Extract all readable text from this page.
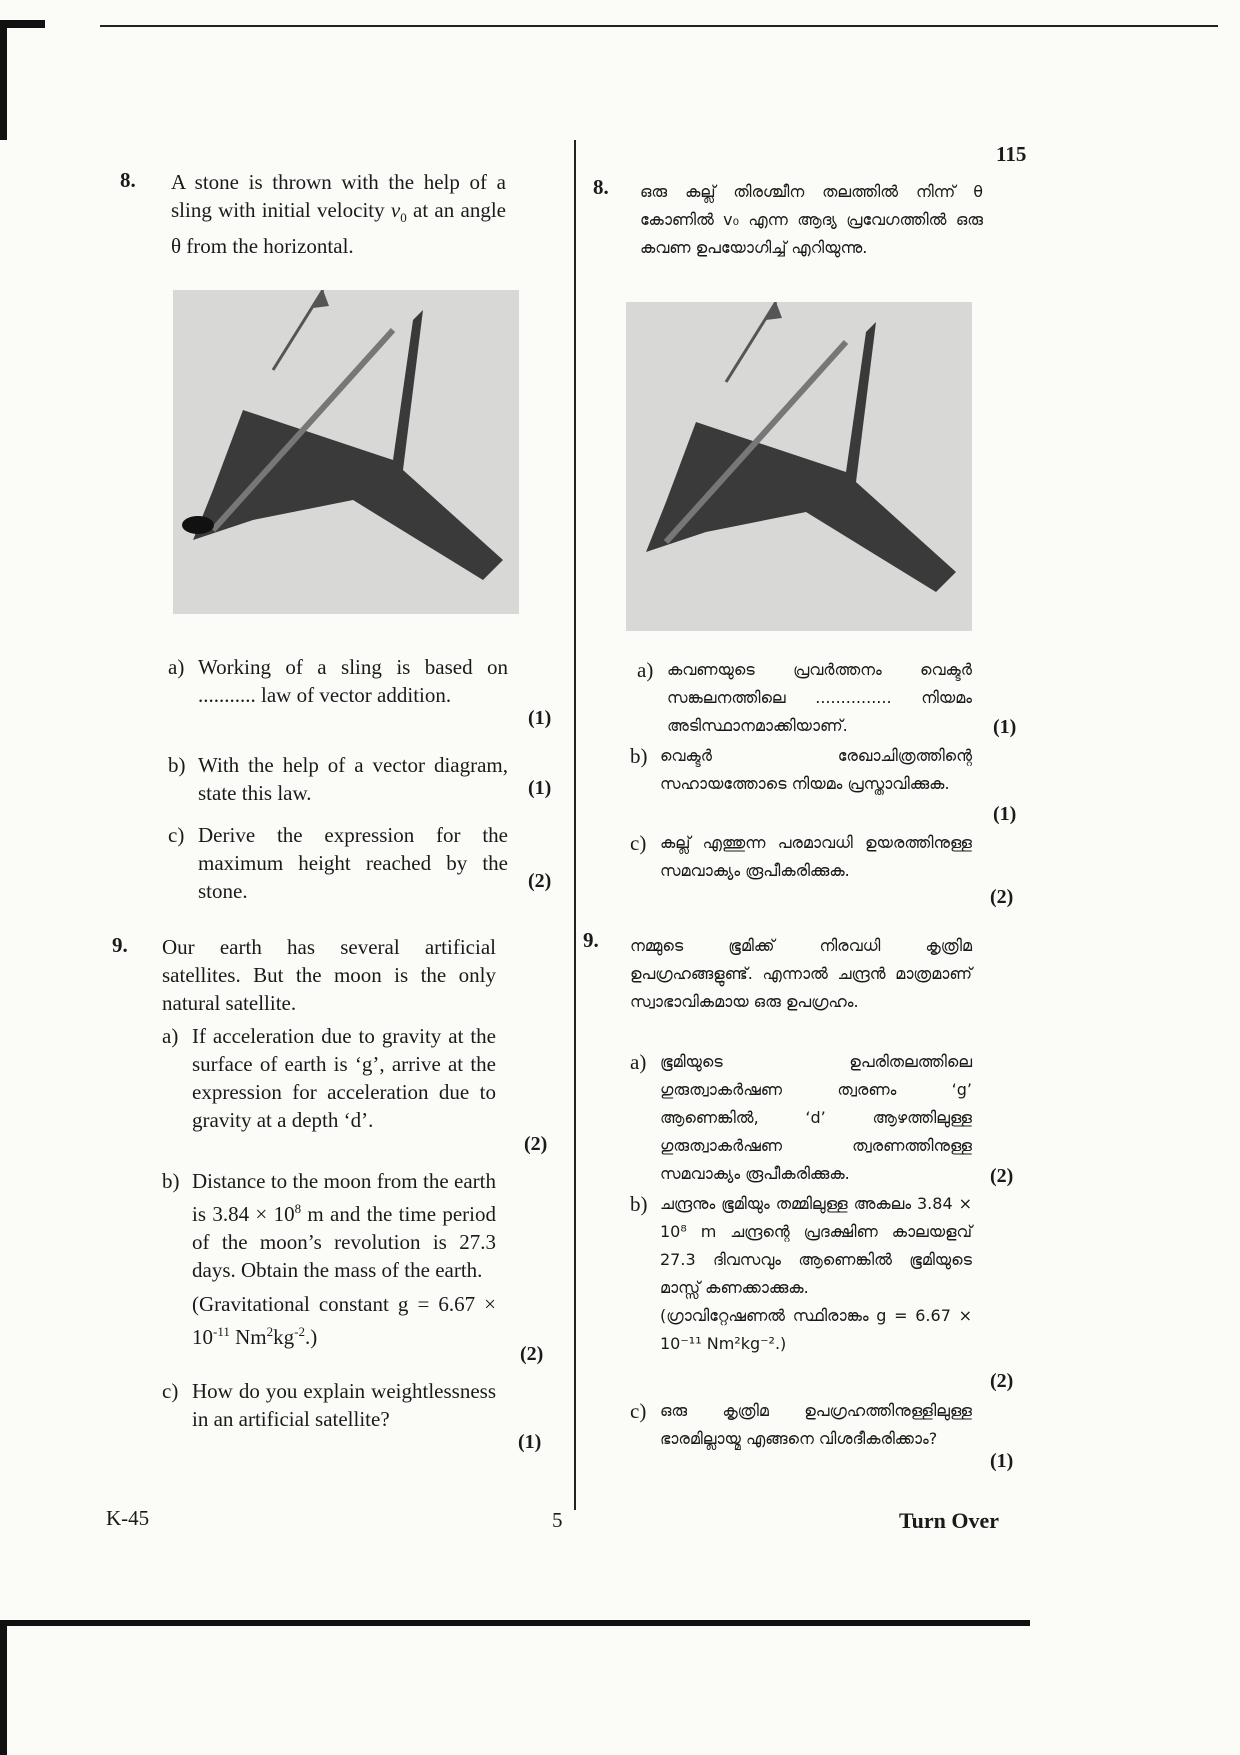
115
8. A stone is thrown with the help of a sling with initial velocity $v_0$ at an angle θ from the horizontal.
a) Working of a sling is based on ........... law of vector addition.
(1)
b) With the help of a vector diagram, state this law.	(1)
c) Derive the expression for the maximum height reached by the stone.	(2)
9. Our earth has several artificial satellites. But the moon is the only natural satellite.
a) If acceleration due to gravity at the surface of earth is ‘g’, arrive at the expression for acceleration due to gravity at a depth ‘d’.
(2)
b) Distance to the moon from the earth is $3.84 \times 10^8$ m and the time period of the moon’s revolution is 27.3 days. Obtain the mass of the earth.

(Gravitational constant $g = 6.67 \times 10^{-11}$ $Nm^2kg^{-2}$.)
(2)
c) How do you explain weightlessness in an artificial satellite?
(1)
8. ഒരു കല്ല് തിരശ്ചീന തലത്തിൽ നിന്ന് θ കോണിൽ v₀ എന്ന ആദ്യ പ്രവേഗത്തിൽ ഒരു കവണ ഉപയോഗിച്ച് എറിയുന്നു.
a) കവണയുടെ പ്രവർത്തനം വെക്ടർ സങ്കലനത്തിലെ ............... നിയമം അടിസ്ഥാനമാക്കിയാണ്.	(1)
b) വെക്ടർ രേഖാചിത്രത്തിന്റെ സഹായത്തോടെ നിയമം പ്രസ്താവിക്കുക.
(1)
c) കല്ല് എത്തുന്ന പരമാവധി ഉയരത്തിനുള്ള സമവാക്യം രൂപീകരിക്കുക.
(2)
9. നമ്മുടെ ഭൂമിക്ക് നിരവധി കൃത്രിമ ഉപഗ്രഹങ്ങളുണ്ട്. എന്നാൽ ചന്ദ്രൻ മാത്രമാണ് സ്വാഭാവികമായ ഒരു ഉപഗ്രഹം.
a) ഭൂമിയുടെ ഉപരിതലത്തിലെ ഗുരുത്വാകർഷണ ത്വരണം ‘g’ ആണെങ്കിൽ, ‘d’ ആഴത്തിലുള്ള ഗുരുത്വാകർഷണ ത്വരണത്തിനുള്ള സമവാക്യം രൂപീകരിക്കുക.	(2)
b) ചന്ദ്രനും ഭൂമിയും തമ്മിലുള്ള അകലം 3.84 × 10⁸ m ചന്ദ്രന്റെ പ്രദക്ഷിണ കാലയളവ് 27.3 ദിവസവും ആണെങ്കിൽ ഭൂമിയുടെ മാസ്സ് കണക്കാക്കുക.
(ഗ്രാവിറ്റേഷണൽ സ്ഥിരാങ്കം g = 6.67 × 10⁻¹¹ Nm²kg⁻².)
(2)
c) ഒരു കൃത്രിമ ഉപഗ്രഹത്തിനുള്ളിലുള്ള ഭാരമില്ലായ്മ എങ്ങനെ വിശദീകരിക്കാം?
(1)
K-45	5	Turn Over
